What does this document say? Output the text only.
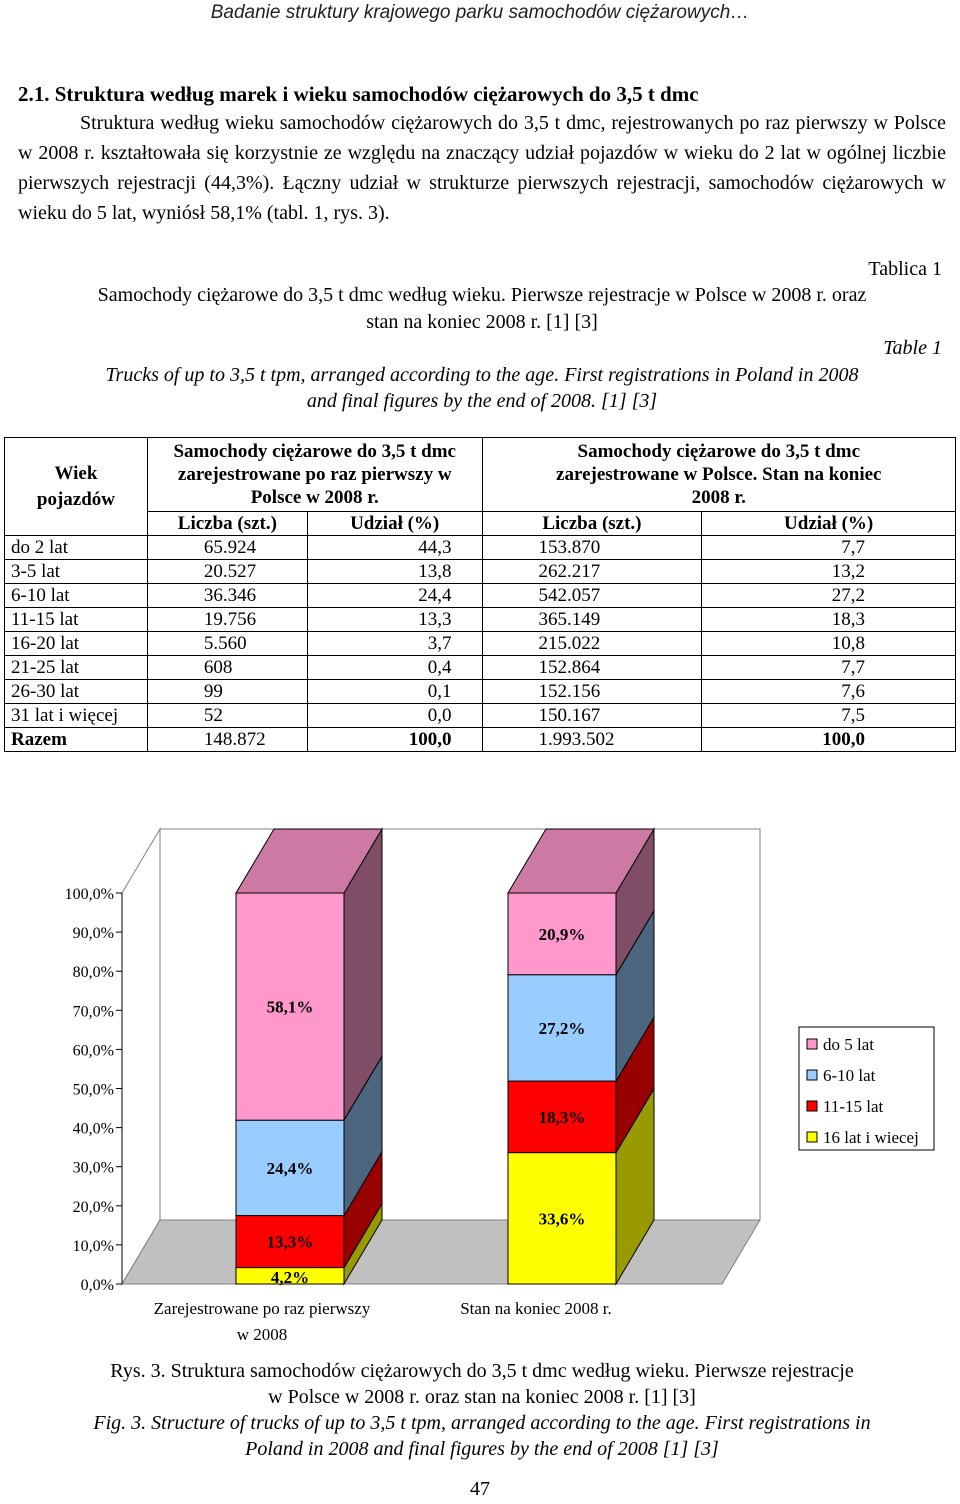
Badanie struktury krajowego parku samochodów ciężarowych…
2.1. Struktura według marek i wieku samochodów ciężarowych do 3,5 t dmc
Struktura według wieku samochodów ciężarowych do 3,5 t dmc, rejestrowanych po raz pierwszy w Polsce w 2008 r. kształtowała się korzystnie ze względu na znaczący udział pojazdów w wieku do 2 lat w ogólnej liczbie pierwszych rejestracji (44,3%). Łączny udział w strukturze pierwszych rejestracji, samochodów ciężarowych w wieku do 5 lat, wyniósł 58,1% (tabl. 1, rys. 3).
Tablica 1
Samochody ciężarowe do 3,5 t dmc według wieku. Pierwsze rejestracje w Polsce w 2008 r. oraz
stan na koniec 2008 r. [1] [3]
Table 1
Trucks of up to 3,5 t tpm, arranged according to the age. First registrations in Poland in 2008
and final figures by the end of 2008. [1] [3]
Wiek pojazdów	Samochody ciężarowe do 3,5 t dmc zarejestrowane po raz pierwszy w Polsce w 2008 r.		Samochody ciężarowe do 3,5 t dmc zarejestrowane w Polsce. Stan na koniec 2008 r.	
	Liczba (szt.)	Udział (%)	Liczba (szt.)	Udział (%)
do 2 lat	65.924	44,3	153.870	7,7
3-5 lat	20.527	13,8	262.217	13,2
6-10 lat	36.346	24,4	542.057	27,2
11-15 lat	19.756	13,3	365.149	18,3
16-20 lat	5.560	3,7	215.022	10,8
21-25 lat	608	0,4	152.864	7,7
26-30 lat	99	0,1	152.156	7,6
31 lat i więcej	52	0,0	150.167	7,5
Razem	148.872	100,0	1.993.502	100,0
0,0%
10,0%
20,0%
30,0%
40,0%
50,0%
60,0%
70,0%
80,0%
90,0%
100,0%
4,2%
13,3%
24,4%
58,1%
33,6%
18,3%
27,2%
20,9%
Zarejestrowane po raz pierwszy
w 2008
Stan na koniec 2008 r.
do 5 lat
6-10 lat
11-15 lat
16 lat i wiecej
Rys. 3. Struktura samochodów ciężarowych do 3,5 t dmc według wieku. Pierwsze rejestracje
w Polsce w 2008 r. oraz stan na koniec 2008 r. [1] [3]
Fig. 3. Structure of trucks of up to 3,5 t tpm, arranged according to the age. First registrations in
Poland in 2008 and final figures by the end of 2008 [1] [3]
47
